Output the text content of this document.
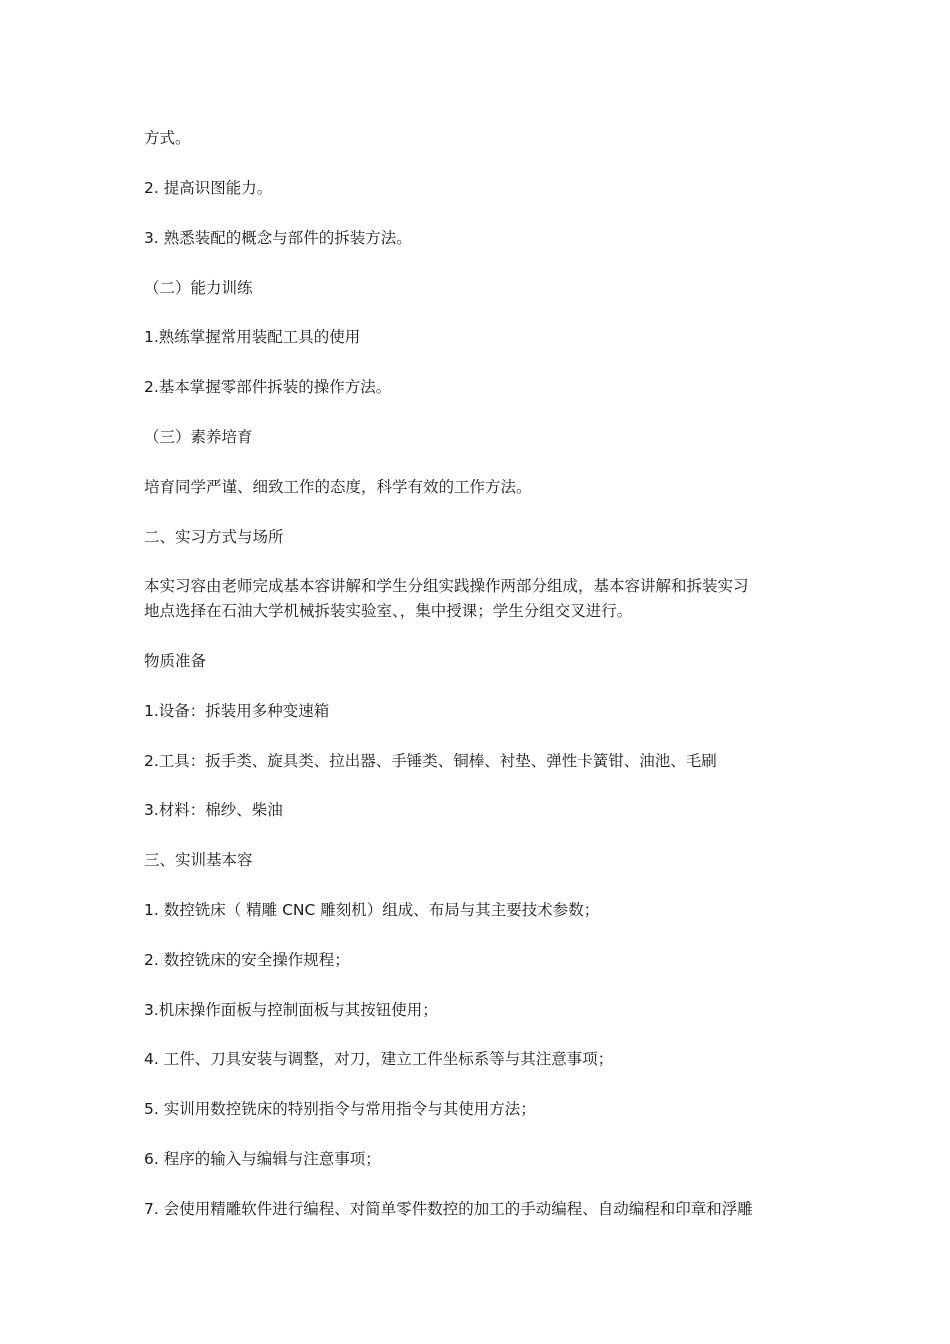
方式。
2. 提高识图能力。
3. 熟悉装配的概念与部件的拆装方法。
（二）能力训练
1.熟练掌握常用装配工具的使用
2.基本掌握零部件拆装的操作方法。
（三）素养培育
培育同学严谨、细致工作的态度，科学有效的工作方法。
二、实习方式与场所
本实习容由老师完成基本容讲解和学生分组实践操作两部分组成，基本容讲解和拆装实习
地点选择在石油大学机械拆装实验室、，集中授课；学生分组交叉进行。
物质准备
1.设备：拆装用多种变速箱
2.工具：扳手类、旋具类、拉出器、手锤类、铜棒、衬垫、弹性卡簧钳、油池、毛刷
3.材料：棉纱、柴油
三、实训基本容
1. 数控铣床（ 精雕 CNC 雕刻机）组成、布局与其主要技术参数；
2. 数控铣床的安全操作规程；
3.机床操作面板与控制面板与其按钮使用；
4. 工件、刀具安装与调整，对刀，建立工件坐标系等与其注意事项；
5. 实训用数控铣床的特别指令与常用指令与其使用方法；
6. 程序的输入与编辑与注意事项；
7. 会使用精雕软件进行编程、对简单零件数控的加工的手动编程、自动编程和印章和浮雕
